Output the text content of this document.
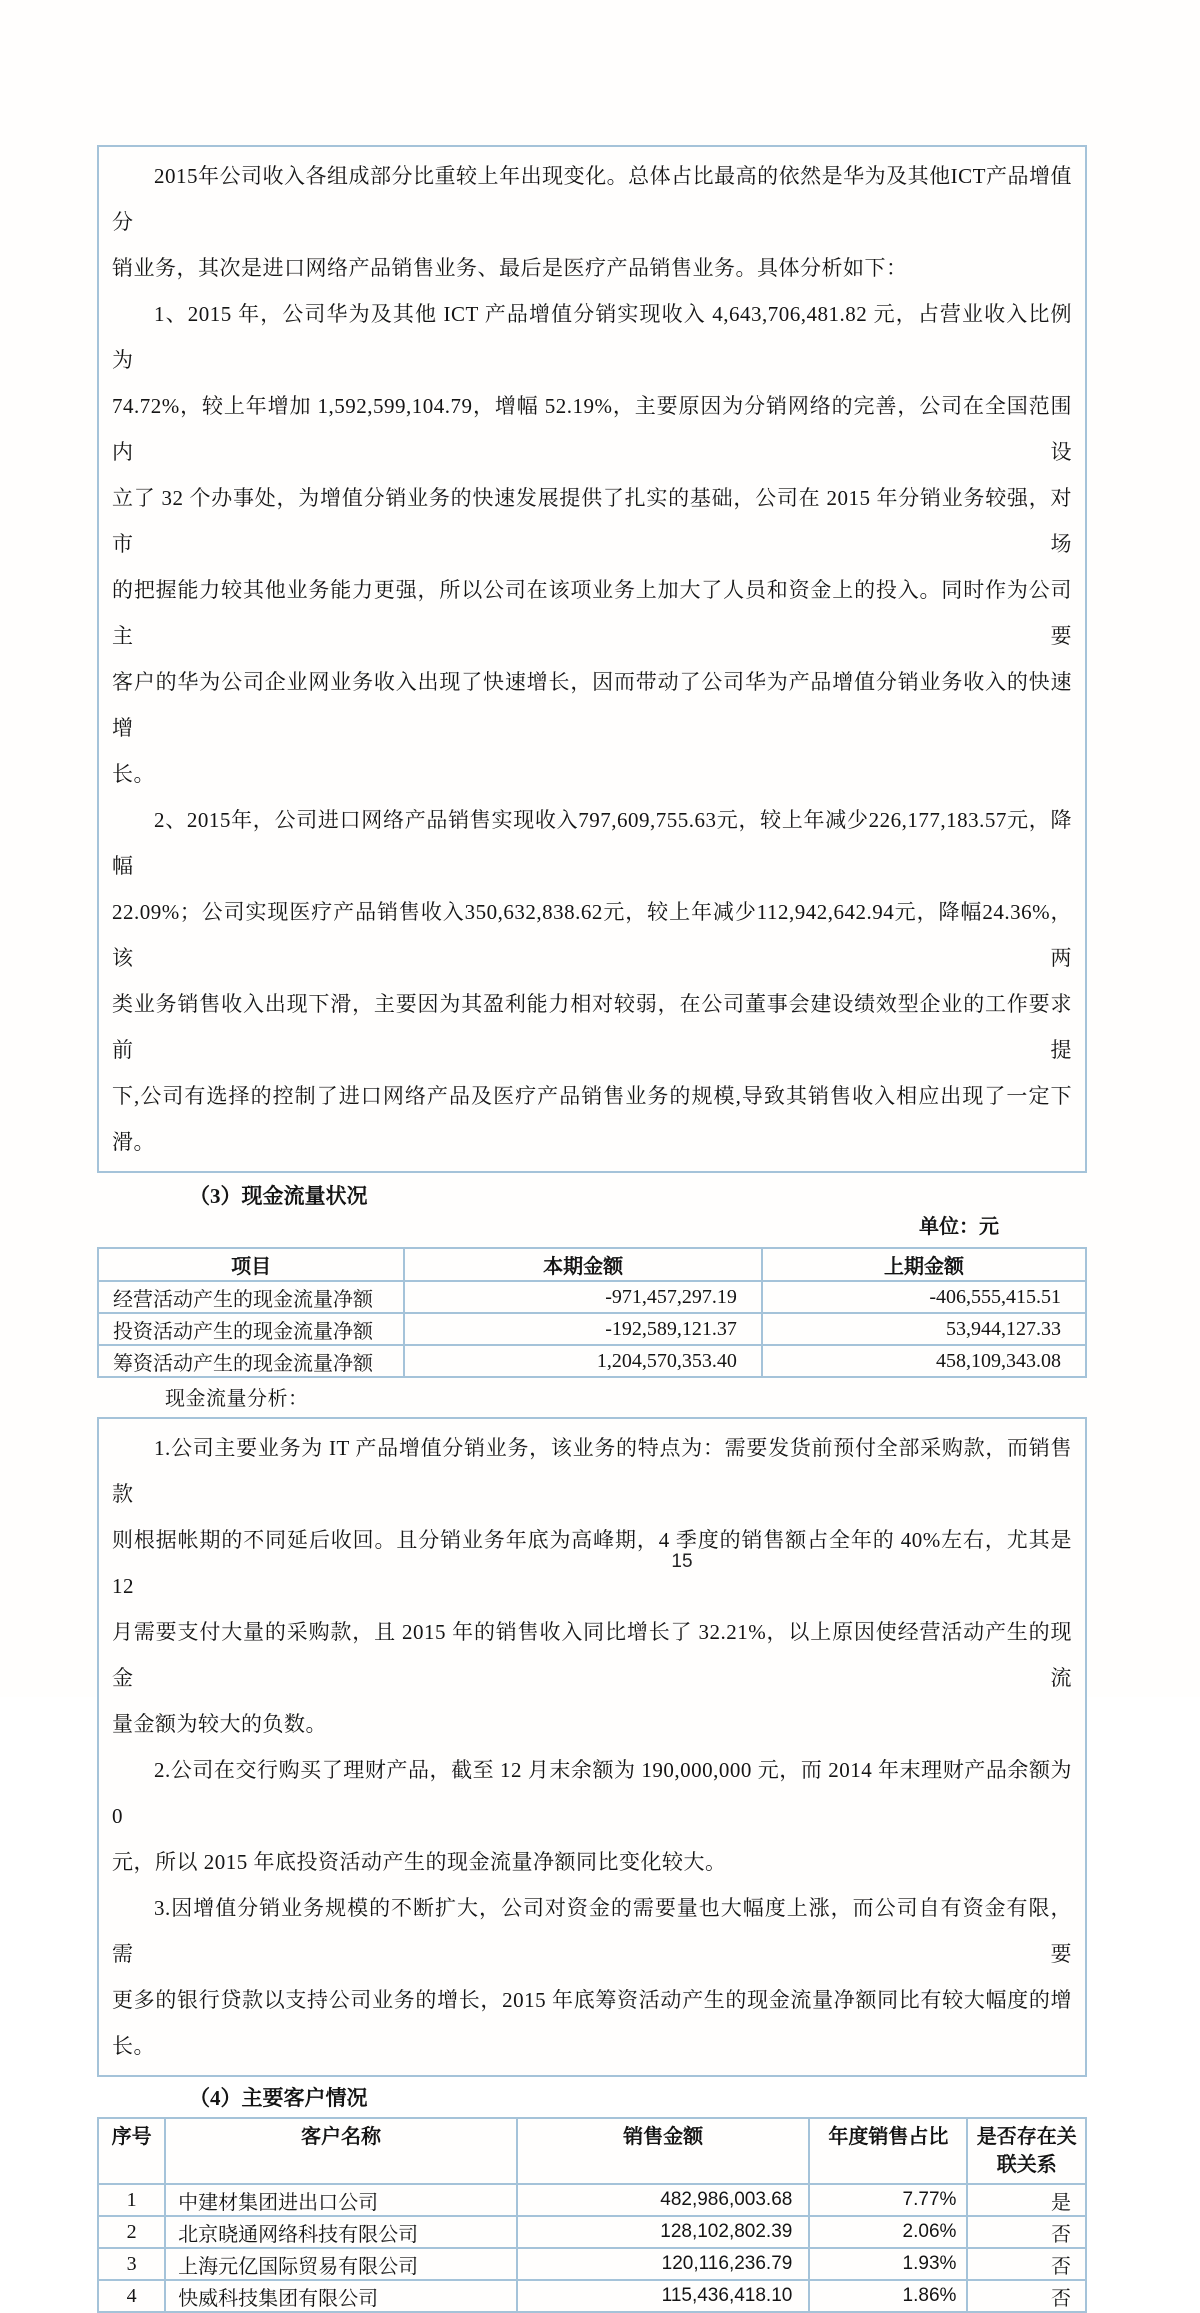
2015年公司收入各组成部分比重较上年出现变化。总体占比最高的依然是华为及其他ICT产品增值分
销业务，其次是进口网络产品销售业务、最后是医疗产品销售业务。具体分析如下：
1、2015 年，公司华为及其他 ICT 产品增值分销实现收入 4,643,706,481.82 元，占营业收入比例为
74.72%，较上年增加 1,592,599,104.79，增幅 52.19%，主要原因为分销网络的完善，公司在全国范围内设
立了 32 个办事处，为增值分销业务的快速发展提供了扎实的基础，公司在 2015 年分销业务较强，对市场
的把握能力较其他业务能力更强，所以公司在该项业务上加大了人员和资金上的投入。同时作为公司主要
客户的华为公司企业网业务收入出现了快速增长，因而带动了公司华为产品增值分销业务收入的快速增
长。
2、2015年，公司进口网络产品销售实现收入797,609,755.63元，较上年减少226,177,183.57元，降幅
22.09%；公司实现医疗产品销售收入350,632,838.62元，较上年减少112,942,642.94元，降幅24.36%，该两
类业务销售收入出现下滑，主要因为其盈利能力相对较弱，在公司董事会建设绩效型企业的工作要求前提
下,公司有选择的控制了进口网络产品及医疗产品销售业务的规模,导致其销售收入相应出现了一定下滑。
（3）现金流量状况
单位：元
项目	本期金额	上期金额
经营活动产生的现金流量净额	-971,457,297.19	-406,555,415.51
投资活动产生的现金流量净额	-192,589,121.37	53,944,127.33
筹资活动产生的现金流量净额	1,204,570,353.40	458,109,343.08
现金流量分析：
1.公司主要业务为 IT 产品增值分销业务，该业务的特点为：需要发货前预付全部采购款，而销售款
则根据帐期的不同延后收回。且分销业务年底为高峰期，4 季度的销售额占全年的 40%左右，尤其是 12
月需要支付大量的采购款，且 2015 年的销售收入同比增长了 32.21%，以上原因使经营活动产生的现金流
量金额为较大的负数。
2.公司在交行购买了理财产品，截至 12 月末余额为 190,000,000 元，而 2014 年末理财产品余额为 0
元，所以 2015 年底投资活动产生的现金流量净额同比变化较大。
3.因增值分销业务规模的不断扩大，公司对资金的需要量也大幅度上涨，而公司自有资金有限，需要
更多的银行贷款以支持公司业务的增长，2015 年底筹资活动产生的现金流量净额同比有较大幅度的增长。
（4）主要客户情况
序号	客户名称	销售金额	年度销售占比	是否存在关联关系
1	中建材集团进出口公司	482,986,003.68	7.77%	是
2	北京晓通网络科技有限公司	128,102,802.39	2.06%	否
3	上海元亿国际贸易有限公司	120,116,236.79	1.93%	否
4	快威科技集团有限公司	115,436,418.10	1.86%	否
15
